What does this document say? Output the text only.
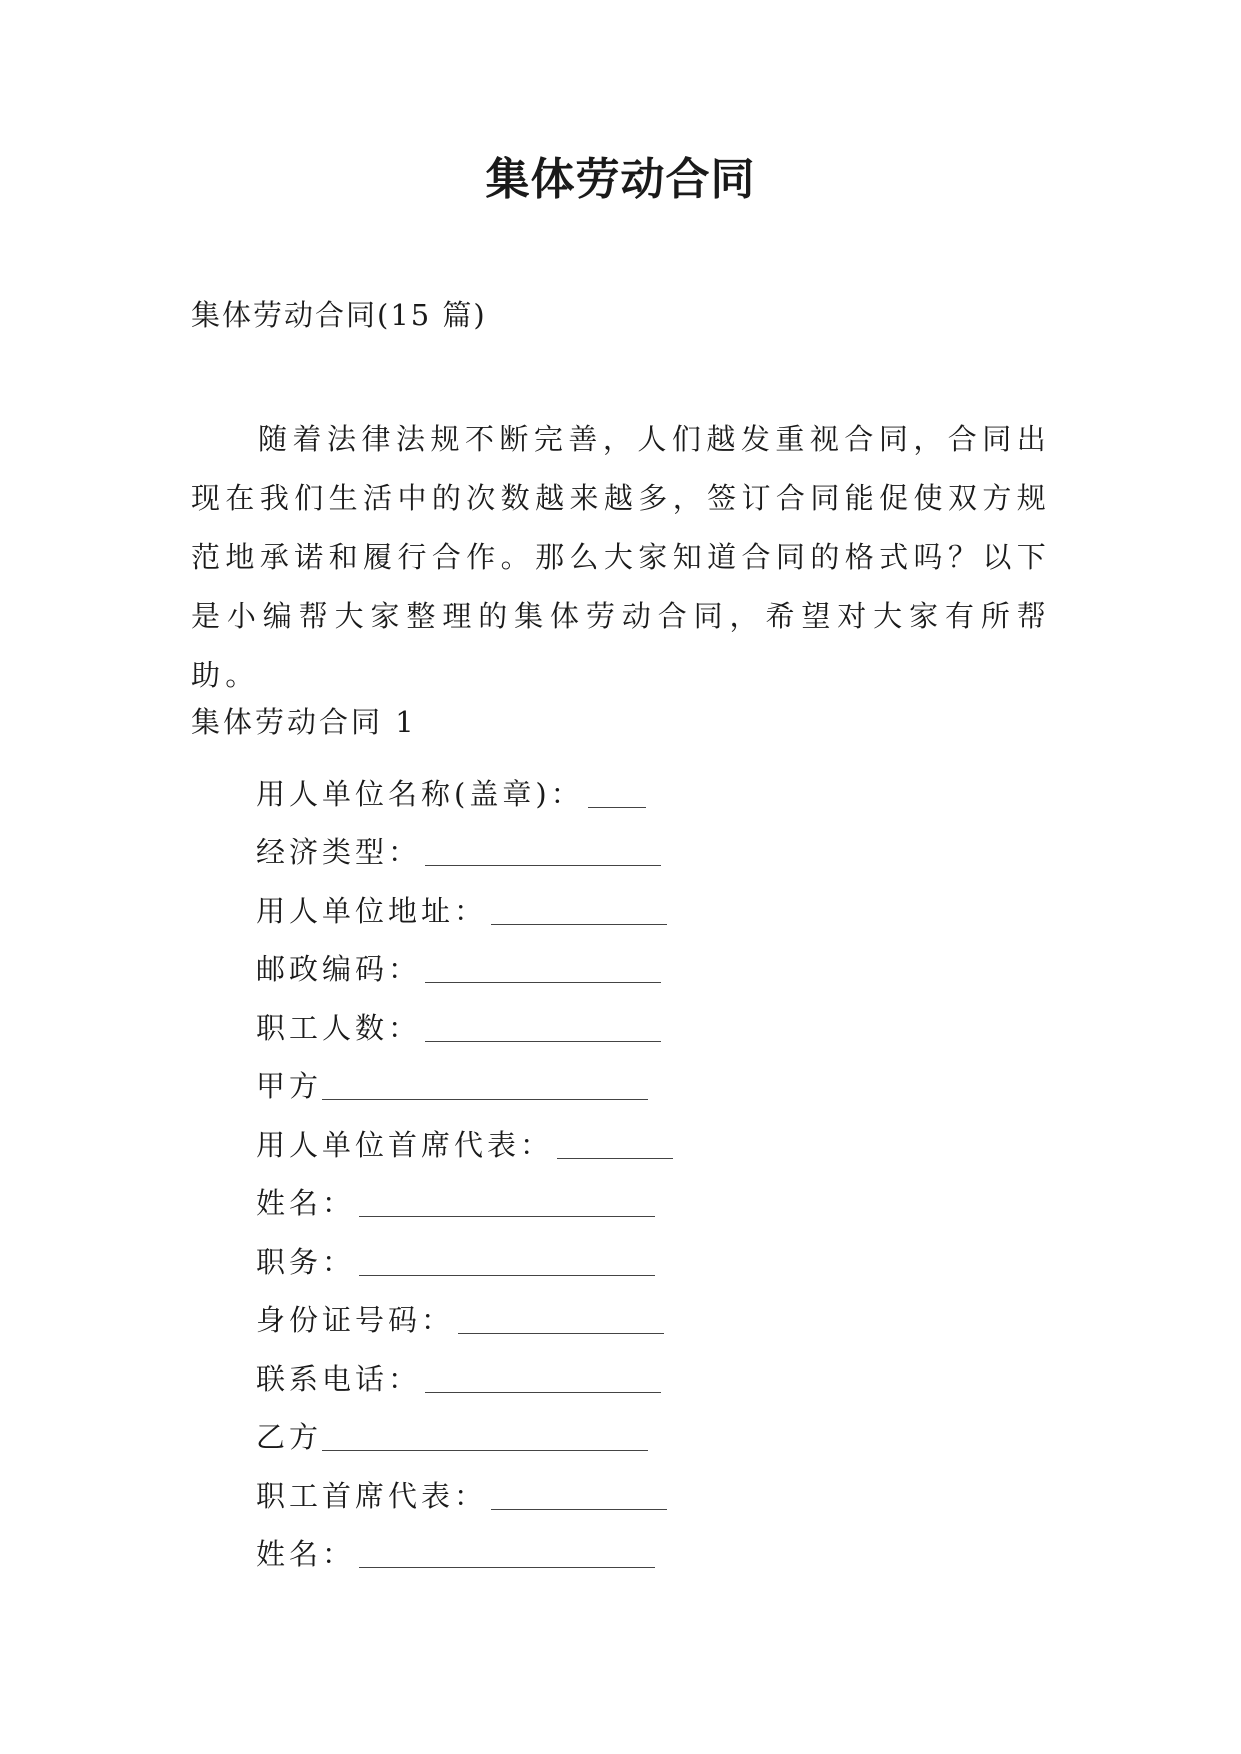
集体劳动合同
集体劳动合同(15 篇)

随着法律法规不断完善，人们越发重视合同，合同出现在我们生活中的次数越来越多，签订合同能促使双方规范地承诺和履行合作。那么大家知道合同的格式吗？以下是小编帮大家整理的集体劳动合同，希望对大家有所帮助。

集体劳动合同 1
用人单位名称(盖章)：
经济类型：
用人单位地址：
邮政编码：
职工人数：
甲方
用人单位首席代表：
姓名：
职务：
身份证号码：
联系电话：
乙方
职工首席代表：
姓名：
